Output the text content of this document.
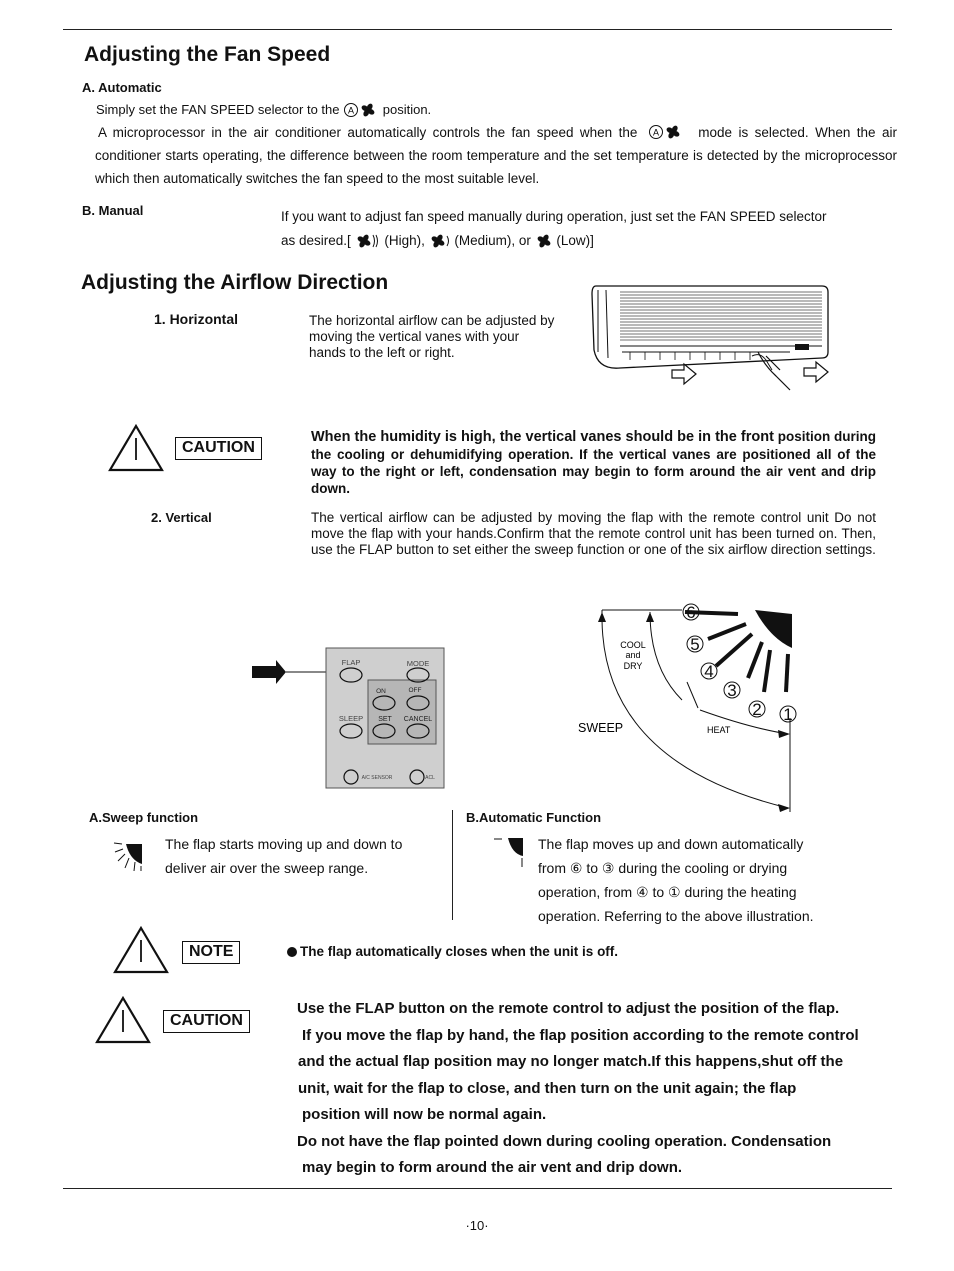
Adjusting the Fan Speed
A. Automatic
Simply set the FAN SPEED selector to the A position.
A microprocessor in the air conditioner automatically controls the fan speed when the A	mode is selected. When the air conditioner starts operating, the difference between the room temperature and the set temperature is detected by the microprocessor which then automatically switches the fan speed to the most suitable level.
B. Manual	If you want to adjust fan speed manually during operation, just set the FAN SPEED selector
as desired.[ (High), (Medium), or (Low)]
Adjusting the Airflow Direction
1. Horizontal	The horizontal airflow can be adjusted by moving the vertical vanes with your hands to the left or right.
CAUTION
When the humidity is high, the vertical vanes should be in the front position during the cooling or dehumidifying operation. If the vertical vanes are positioned all of the way to the right or left, condensation may begin to form around the air vent and drip down.
2. Vertical	The vertical airflow can be adjusted by moving the flap with the remote control unit Do not move the flap with your hands.Confirm that the remote control unit has been turned on. Then, use the FLAP button to set either the sweep function or one of the six airflow direction settings.
FLAP	MODE
ON	OFF
SLEEP SET CANCEL
A/C SENSOR	ACL
6
5
4
3
2 1
COOL
and
DRY
SWEEP	HEAT
A.Sweep function
The flap starts moving up and down to
deliver air over the sweep range.
B.Automatic Function
The flap moves up and down automatically
from ⑥ to ③ during the cooling or drying
operation, from ④ to ① during the heating
operation. Referring to the above illustration.
NOTE	The flap automatically closes when the unit is off.
CAUTION
Use the FLAP button on the remote control to adjust the position of the flap.
If you move the flap by hand, the flap position according to the remote control
and the actual flap position may no longer match.If this happens,shut off the
unit, wait for the flap to close, and then turn on the unit again; the flap
position will now be normal again.
Do not have the flap pointed down during cooling operation. Condensation
may begin to form around the air vent and drip down.
·10·
